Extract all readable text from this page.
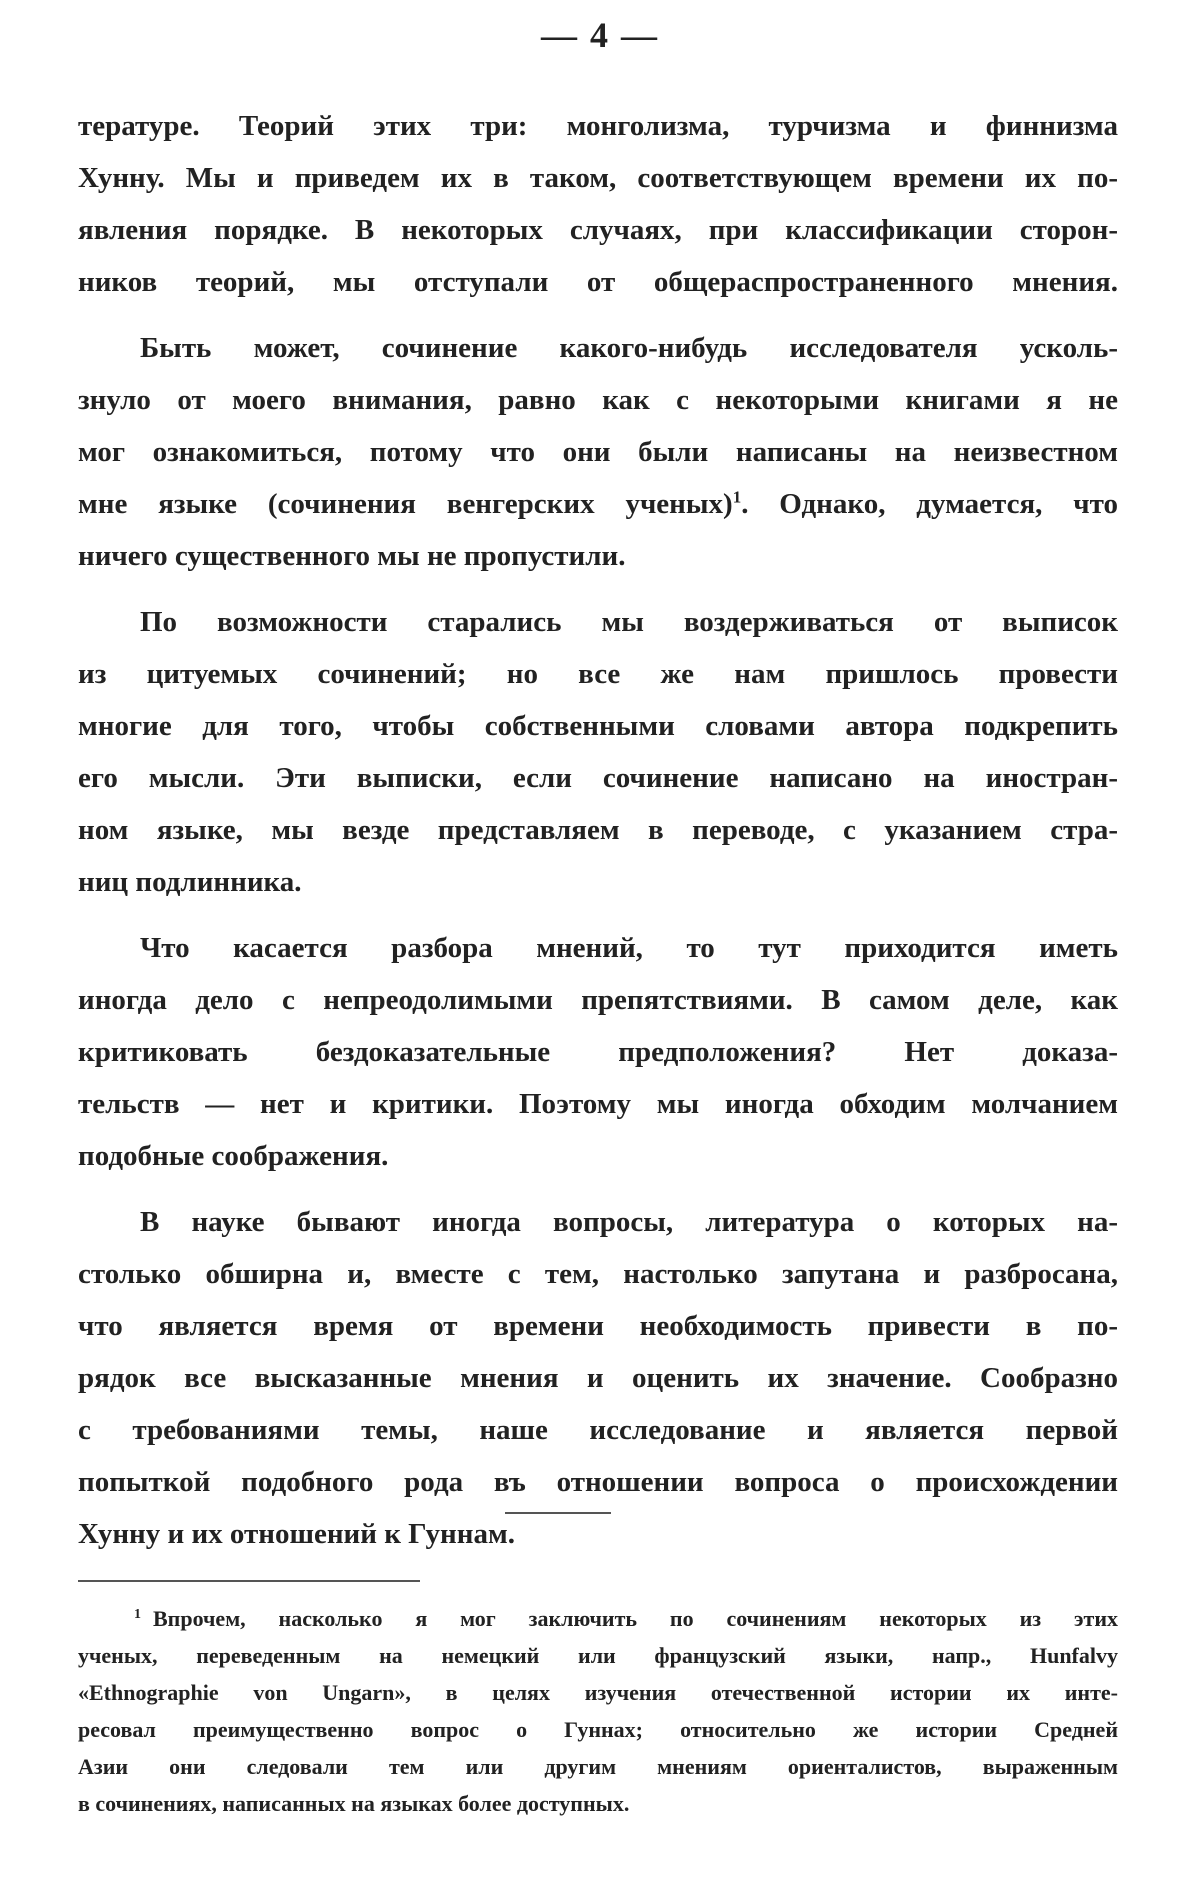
— 4 —
тературе. Теорий этих три: монголизма, турчизма и финнизма
Хунну. Мы и приведем их в таком, соответствующем времени их по-
явления порядке. В некоторых случаях, при классификации сторон-
ников теорий, мы отступали от общераспространенного мнения.
Быть может, сочинение какого-нибудь исследователя усколь-
знуло от моего внимания, равно как с некоторыми книгами я не
мог ознакомиться, потому что они были написаны на неизвестном
мне языке (сочинения венгерских ученых)$^1$. Однако, думается, что
ничего существенного мы не пропустили.
По возможности старались мы воздерживаться от выписок
из цитуемых сочинений; но все же нам пришлось провести
многие для того, чтобы собственными словами автора подкрепить
его мысли. Эти выписки, если сочинение написано на иностран-
ном языке, мы везде представляем в переводе, с указанием стра-
ниц подлинника.
Что касается разбора мнений, то тут приходится иметь
иногда дело с непреодолимыми препятствиями. В самом деле, как
критиковать бездоказательные предположения? Нет доказа-
тельств — нет и критики. Поэтому мы иногда обходим молчанием
подобные соображения.
В науке бывают иногда вопросы, литература о которых на-
столько обширна и, вместе с тем, настолько запутана и разбросана,
что является время от времени необходимость привести в по-
рядок все высказанные мнения и оценить их значение. Сообразно
с требованиями темы, наше исследование и является первой
попыткой подобного рода въ отношении вопроса о происхождении
Хунну и их отношений к Гуннам.
$^1$ Впрочем, насколько я мог заключить по сочинениям некоторых из этих
ученых, переведенным на немецкий или французский языки, напр., Hunfalvy
«Ethnographie von Ungarn», в целях изучения отечественной истории их инте-
ресовал преимущественно вопрос о Гуннах; относительно же истории Средней
Азии они следовали тем или другим мнениям ориенталистов, выраженным
в сочинениях, написанных на языках более доступных.
